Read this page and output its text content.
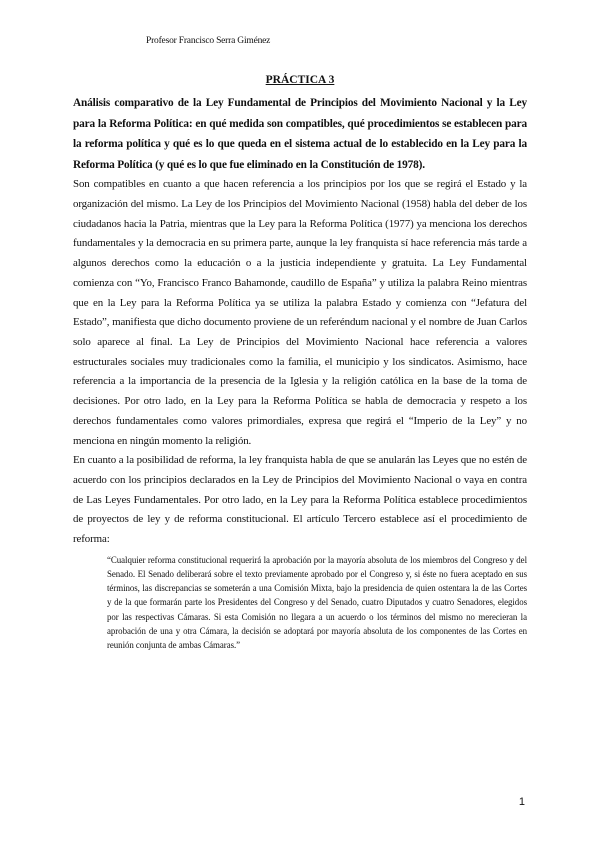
Profesor Francisco Serra Giménez
PRÁCTICA 3

Análisis comparativo de la Ley Fundamental de Principios del Movimiento Nacional y la Ley para la Reforma Política: en qué medida son compatibles, qué procedimientos se establecen para la reforma política y qué es lo que queda en el sistema actual de lo establecido en la Ley para la Reforma Política (y qué es lo que fue eliminado en la Constitución de 1978).

Son compatibles en cuanto a que hacen referencia a los principios por los que se regirá el Estado y la organización del mismo. La Ley de los Principios del Movimiento Nacional (1958) habla del deber de los ciudadanos hacia la Patria, mientras que la Ley para la Reforma Política (1977) ya menciona los derechos fundamentales y la democracia en su primera parte, aunque la ley franquista sí hace referencia más tarde a algunos derechos como la educación o a la justicia independiente y gratuita. La Ley Fundamental comienza con “Yo, Francisco Franco Bahamonde, caudillo de España” y utiliza la palabra Reino mientras que en la Ley para la Reforma Política ya se utiliza la palabra Estado y comienza con “Jefatura del Estado”, manifiesta que dicho documento proviene de un referéndum nacional y el nombre de Juan Carlos solo aparece al final. La Ley de Principios del Movimiento Nacional hace referencia a valores estructurales sociales muy tradicionales como la familia, el municipio y los sindicatos. Asimismo, hace referencia a la importancia de la presencia de la Iglesia y la religión católica en la base de la toma de decisiones. Por otro lado, en la Ley para la Reforma Política se habla de democracia y respeto a los derechos fundamentales como valores primordiales, expresa que regirá el “Imperio de la Ley” y no menciona en ningún momento la religión.

En cuanto a la posibilidad de reforma, la ley franquista habla de que se anularán las Leyes que no estén de acuerdo con los principios declarados en la Ley de Principios del Movimiento Nacional o vaya en contra de Las Leyes Fundamentales. Por otro lado, en la Ley para la Reforma Política establece procedimientos de proyectos de ley y de reforma constitucional. El artículo Tercero establece así el procedimiento de reforma:

“Cualquier reforma constitucional requerirá la aprobación por la mayoría absoluta de los miembros del Congreso y del Senado. El Senado deliberará sobre el texto previamente aprobado por el Congreso y, si éste no fuera aceptado en sus términos, las discrepancias se someterán a una Comisión Mixta, bajo la presidencia de quien ostentara la de las Cortes y de la que formarán parte los Presidentes del Congreso y del Senado, cuatro Diputados y cuatro Senadores, elegidos por las respectivas Cámaras. Si esta Comisión no llegara a un acuerdo o los términos del mismo no merecieran la aprobación de una y otra Cámara, la decisión se adoptará por mayoría absoluta de los componentes de las Cortes en reunión conjunta de ambas Cámaras.”

1
